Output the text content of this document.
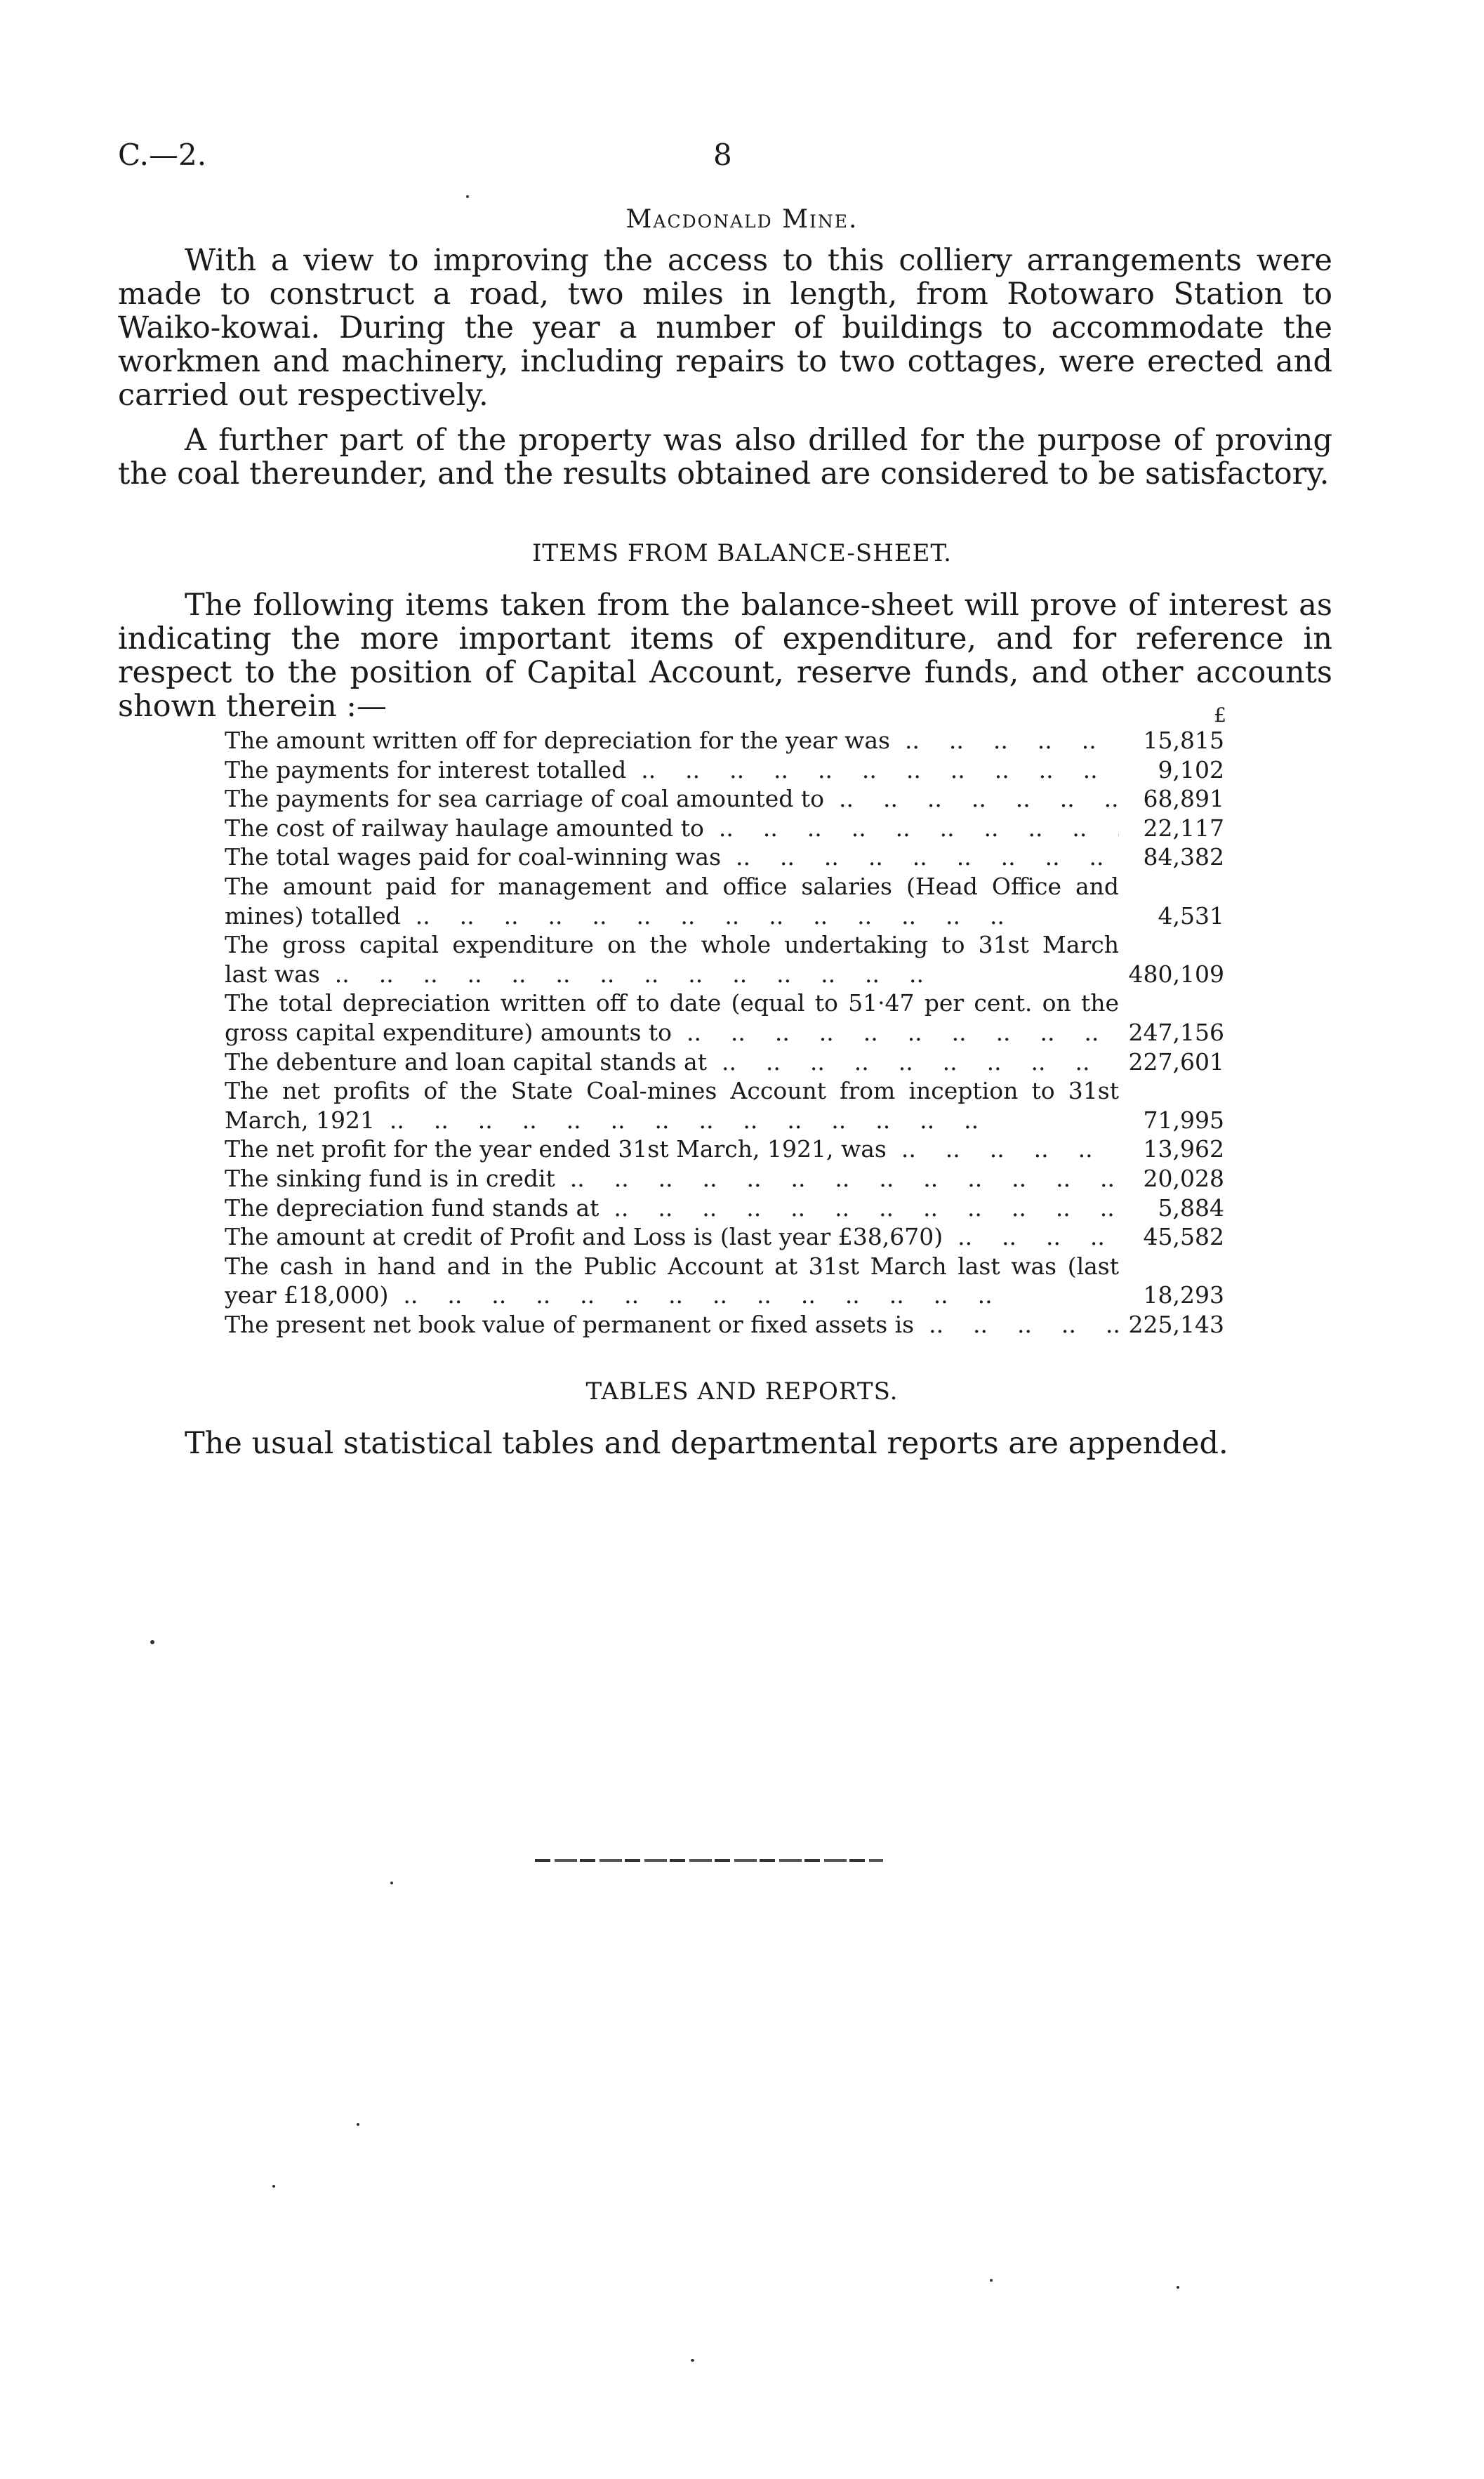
C.—2.	8
Macdonald Mine.
With a view to improving the access to this colliery arrangements were made to construct a road, two miles in length, from Rotowaro Station to Waiko-kowai. During the year a number of buildings to accommodate the workmen and machinery, including repairs to two cottages, were erected and carried out respectively.
A further part of the property was also drilled for the purpose of proving the coal thereunder, and the results obtained are considered to be satisfactory.
ITEMS FROM BALANCE-SHEET.
The following items taken from the balance-sheet will prove of interest as indicating the more important items of expenditure, and for reference in respect to the position of Capital Account, reserve funds, and other accounts shown therein :—	£
The amount written off for depreciation for the year was ..	15,815
The payments for interest totalled ..	9,102
The payments for sea carriage of coal amounted to ..	68,891
The cost of railway haulage amounted to ..	22,117
The total wages paid for coal-winning was ..	84,382
The amount paid for management and office salaries (Head Office and
mines) totalled ..	4,531
The gross capital expenditure on the whole undertaking to 31st March
last was ..	480,109
The total depreciation written off to date (equal to 51·47 per cent. on the
gross capital expenditure) amounts to ..	247,156
The debenture and loan capital stands at ..	227,601
The net profits of the State Coal-mines Account from inception to 31st
March, 1921 ..	71,995
The net profit for the year ended 31st March, 1921, was ..	13,962
The sinking fund is in credit ..	20,028
The depreciation fund stands at ..	5,884
The amount at credit of Profit and Loss is (last year £38,670) ..	45,582
The cash in hand and in the Public Account at 31st March last was (last
year £18,000) ..	18,293
The present net book value of permanent or fixed assets is ..	225,143
TABLES AND REPORTS.
The usual statistical tables and departmental reports are appended.
